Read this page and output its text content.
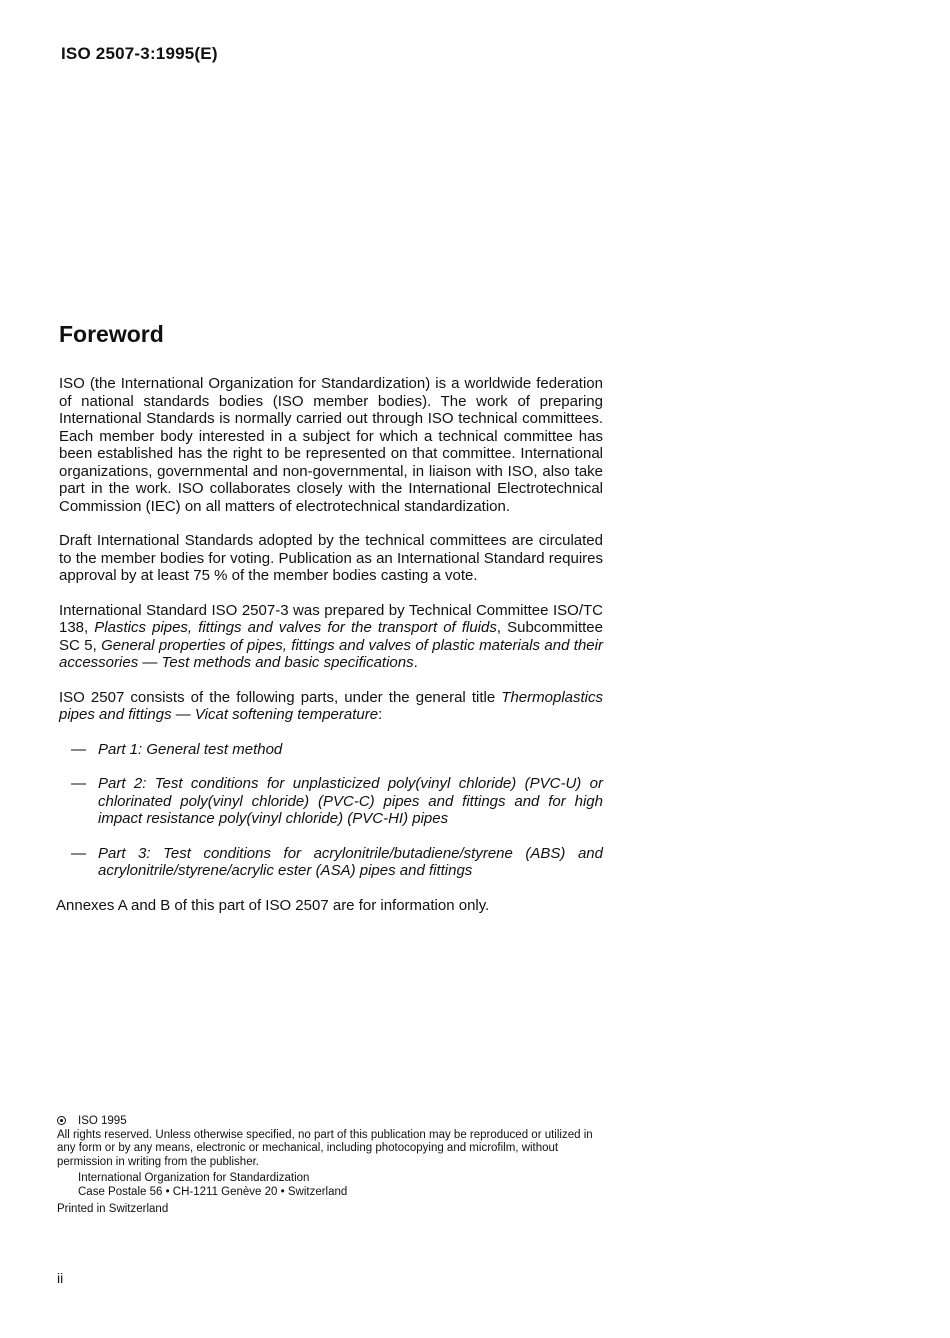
ISO 2507-3:1995(E)
Foreword

ISO (the International Organization for Standardization) is a worldwide federation of national standards bodies (ISO member bodies). The work of preparing International Standards is normally carried out through ISO technical committees. Each member body interested in a subject for which a technical committee has been established has the right to be represented on that committee. International organizations, governmental and non-governmental, in liaison with ISO, also take part in the work. ISO collaborates closely with the International Electrotechnical Commission (IEC) on all matters of electrotechnical standardization.

Draft International Standards adopted by the technical committees are circulated to the member bodies for voting. Publication as an International Standard requires approval by at least 75 % of the member bodies casting a vote.

International Standard ISO 2507-3 was prepared by Technical Committee ISO/TC 138, Plastics pipes, fittings and valves for the transport of fluids, Subcommittee SC 5, General properties of pipes, fittings and valves of plastic materials and their accessories — Test methods and basic specifications.

ISO 2507 consists of the following parts, under the general title Thermoplastics pipes and fittings — Vicat softening temperature:

— Part 1: General test method
— Part 2: Test conditions for unplasticized poly(vinyl chloride) (PVC-U) or chlorinated poly(vinyl chloride) (PVC-C) pipes and fittings and for high impact resistance poly(vinyl chloride) (PVC-HI) pipes
— Part 3: Test conditions for acrylonitrile/butadiene/styrene (ABS) and acrylonitrile/styrene/acrylic ester (ASA) pipes and fittings

Annexes A and B of this part of ISO 2507 are for information only.

ISO 1995

All rights reserved. Unless otherwise specified, no part of this publication may be reproduced or utilized in any form or by any means, electronic or mechanical, including photocopying and microfilm, without permission in writing from the publisher.

International Organization for Standardization

Case Postale 56 • CH-1211 Genève 20 • Switzerland

Printed in Switzerland

ii
